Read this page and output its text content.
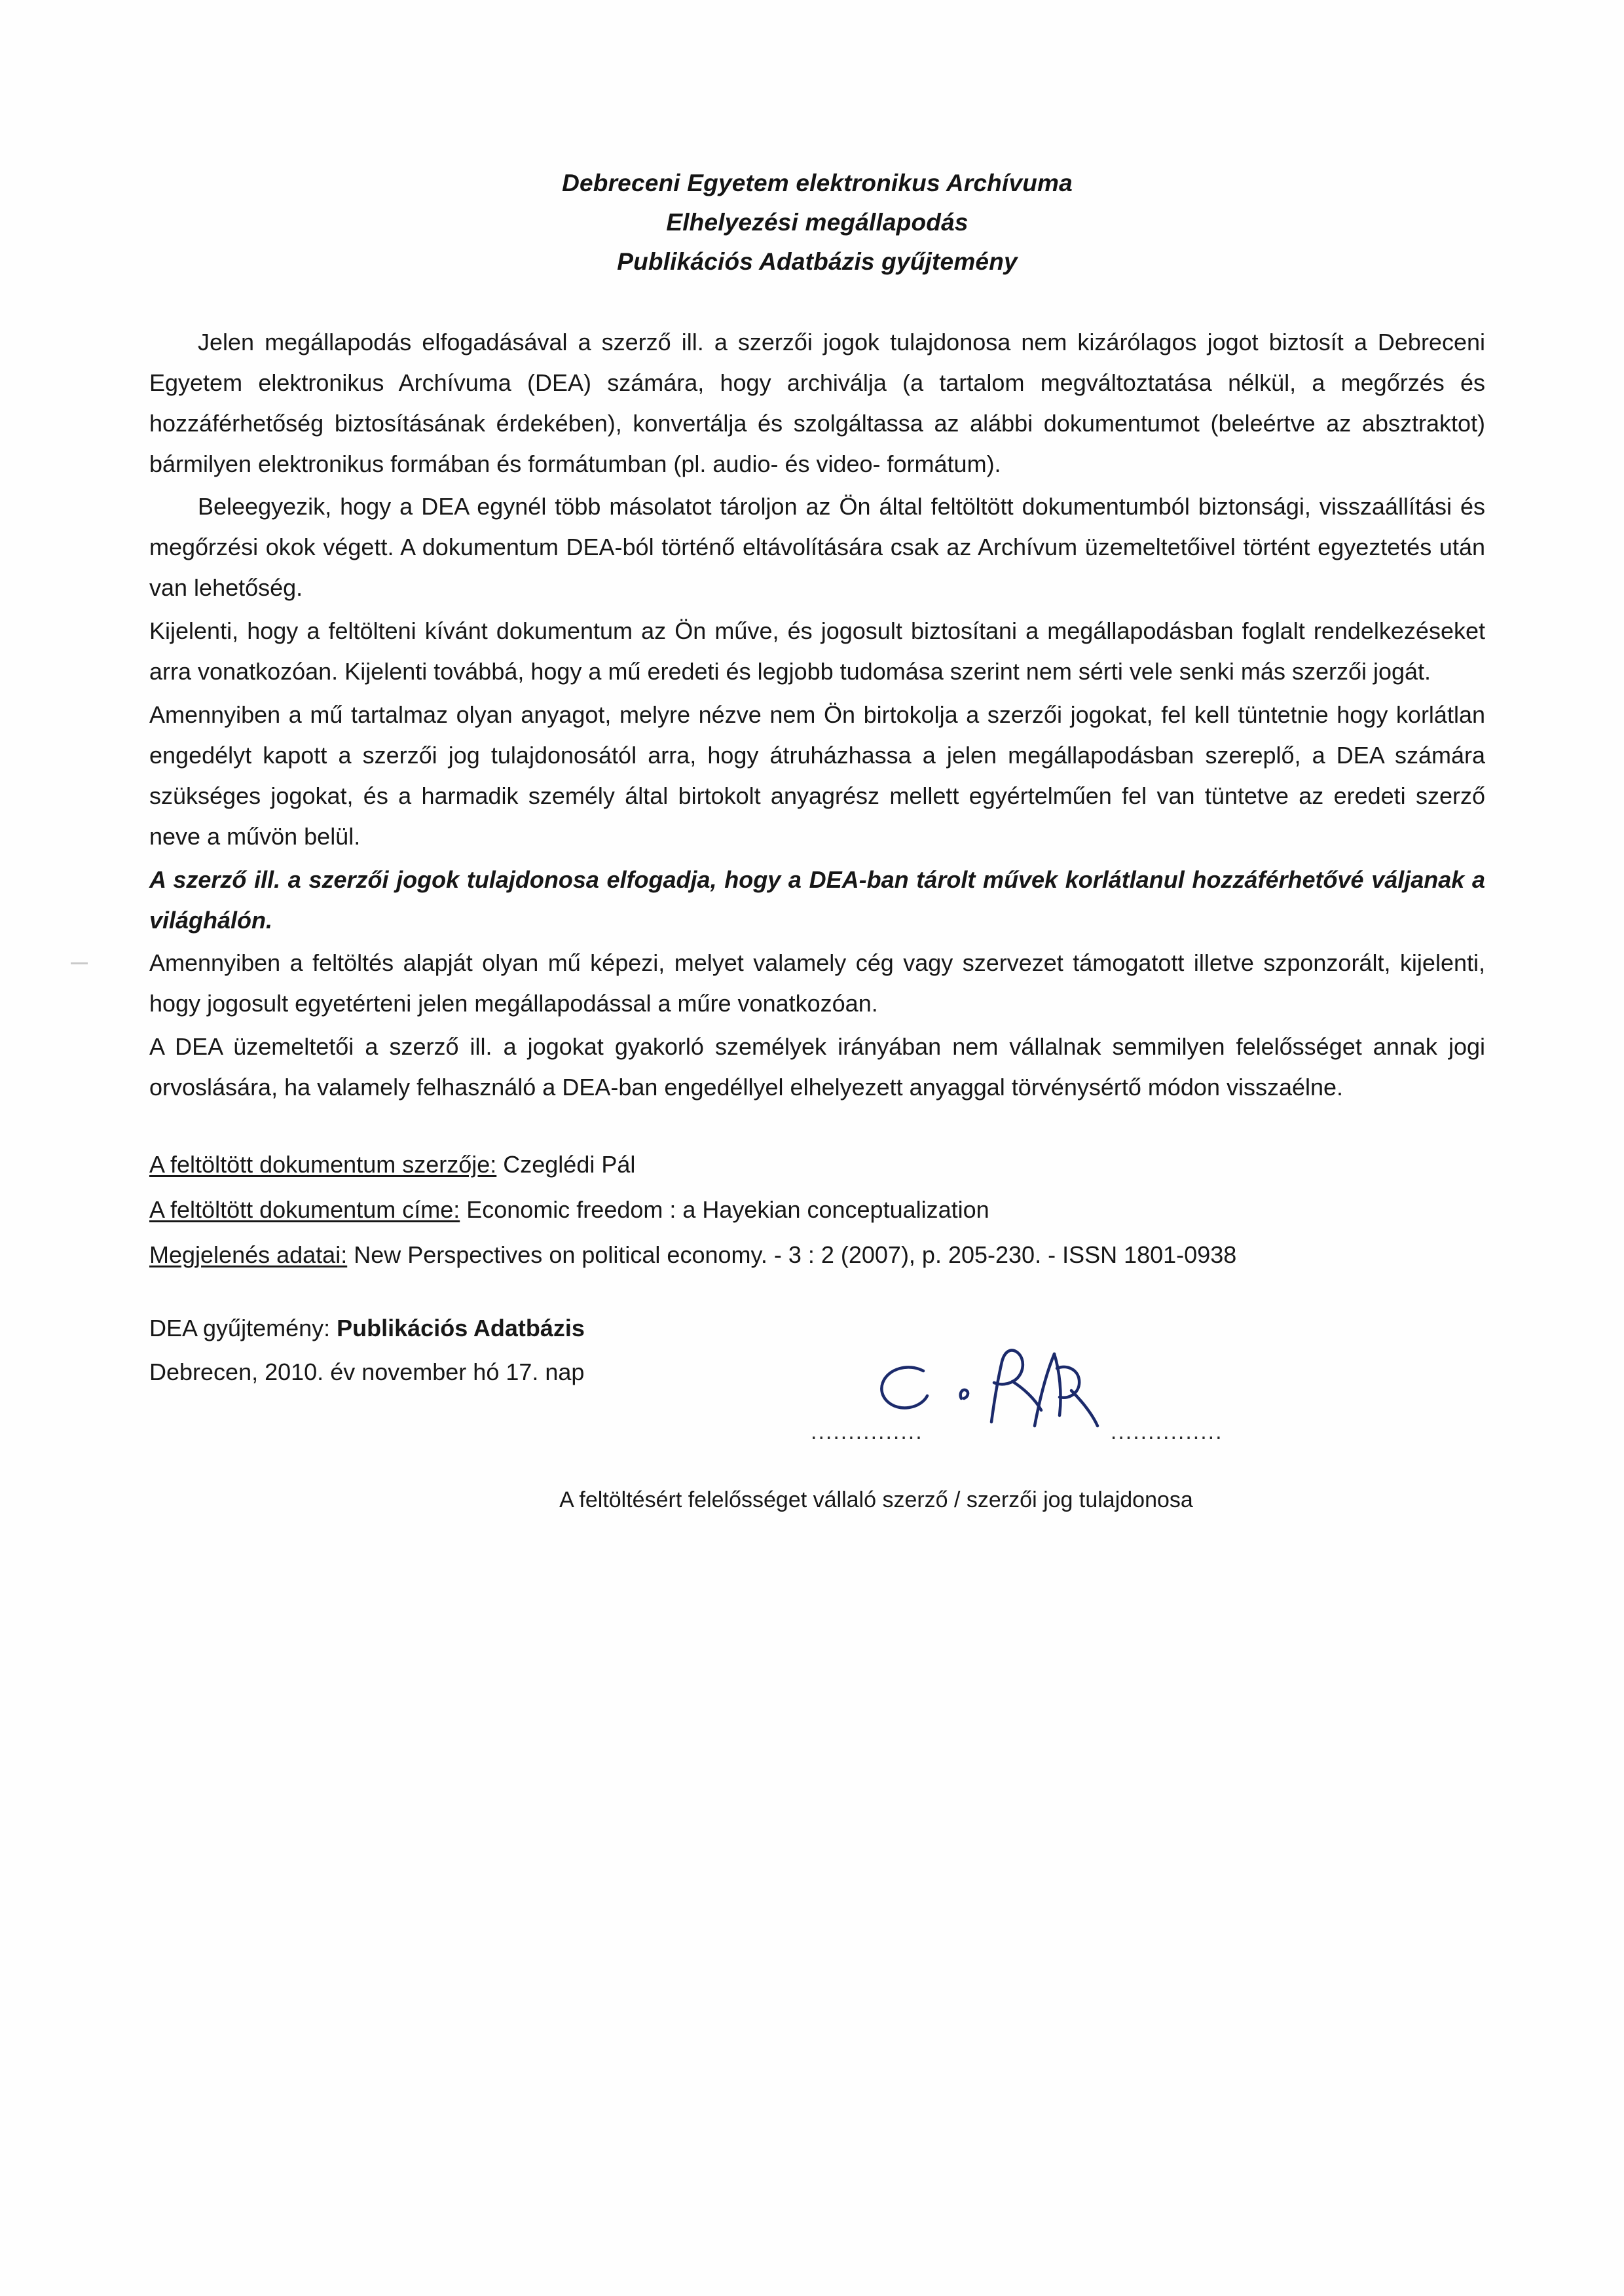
Debreceni Egyetem elektronikus Archívuma
Elhelyezési megállapodás
Publikációs Adatbázis gyűjtemény

Jelen megállapodás elfogadásával a szerző ill. a szerzői jogok tulajdonosa nem kizárólagos jogot biztosít a Debreceni Egyetem elektronikus Archívuma (DEA) számára, hogy archiválja (a tartalom megváltoztatása nélkül, a megőrzés és hozzáférhetőség biztosításának érdekében), konvertálja és szolgáltassa az alábbi dokumentumot (beleértve az absztraktot) bármilyen elektronikus formában és formátumban (pl. audio- és video- formátum).

Beleegyezik, hogy a DEA egynél több másolatot tároljon az Ön által feltöltött dokumentumból biztonsági, visszaállítási és megőrzési okok végett. A dokumentum DEA-ból történő eltávolítására csak az Archívum üzemeltetőivel történt egyeztetés után van lehetőség.

Kijelenti, hogy a feltölteni kívánt dokumentum az Ön műve, és jogosult biztosítani a megállapodásban foglalt rendelkezéseket arra vonatkozóan. Kijelenti továbbá, hogy a mű eredeti és legjobb tudomása szerint nem sérti vele senki más szerzői jogát.

Amennyiben a mű tartalmaz olyan anyagot, melyre nézve nem Ön birtokolja a szerzői jogokat, fel kell tüntetnie hogy korlátlan engedélyt kapott a szerzői jog tulajdonosától arra, hogy átruházhassa a jelen megállapodásban szereplő, a DEA számára szükséges jogokat, és a harmadik személy által birtokolt anyagrész mellett egyértelműen fel van tüntetve az eredeti szerző neve a művön belül.

A szerző ill. a szerzői jogok tulajdonosa elfogadja, hogy a DEA-ban tárolt művek korlátlanul hozzáférhetővé váljanak a világhálón.

Amennyiben a feltöltés alapját olyan mű képezi, melyet valamely cég vagy szervezet támogatott illetve szponzorált, kijelenti, hogy jogosult egyetérteni jelen megállapodással a műre vonatkozóan.

A DEA üzemeltetői a szerző ill. a jogokat gyakorló személyek irányában nem vállalnak semmilyen felelősséget annak jogi orvoslására, ha valamely felhasználó a DEA-ban engedéllyel elhelyezett anyaggal törvénysértő módon visszaélne.

A feltöltött dokumentum szerzője: Czeglédi Pál
A feltöltött dokumentum címe: Economic freedom : a Hayekian conceptualization
Megjelenés adatai: New Perspectives on political economy. - 3 : 2 (2007), p. 205-230. - ISSN 1801-0938
DEA gyűjtemény: Publikációs Adatbázis
Debrecen, 2010. év november hó 17. nap
...............	...............
A feltöltésért felelősséget vállaló szerző / szerzői jog tulajdonosa
